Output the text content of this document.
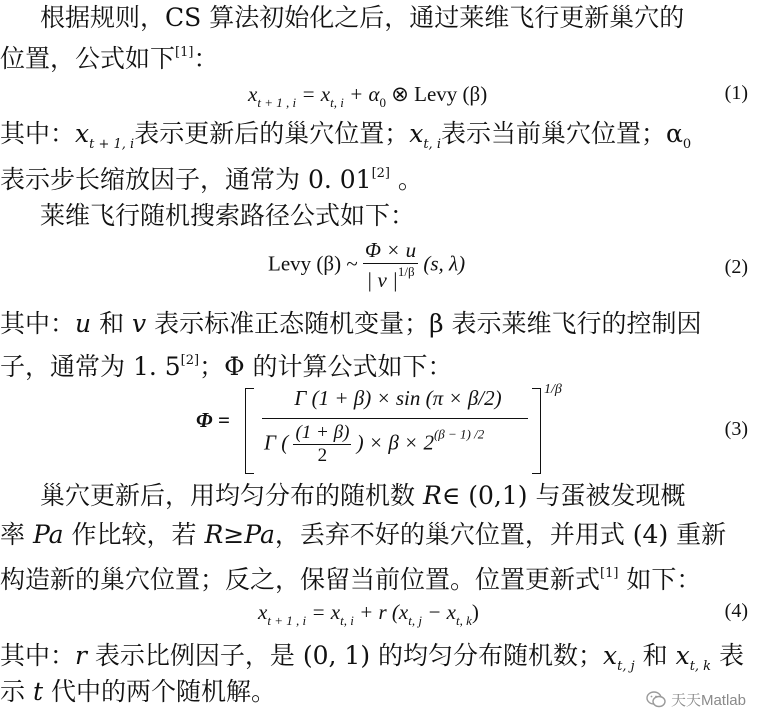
根据规则，CS 算法初始化之后，通过莱维飞行更新巢穴的
位置，公式如下[1]：
$x_{t + 1 , i} = x_{t, i} + \alpha_0$ ⊗ Levy (β)	(1)
其中：$x_{t + 1, i}$表示更新后的巢穴位置；$x_{t, i}$表示当前巢穴位置；$\alpha_0$
表示步长缩放因子，通常为 0. 01[2] 。
莱维飞行随机搜索路径公式如下：
Levy (β) ~ $\frac{\Phi \times u}{| v |^{1/\beta}} (s$, λ)	(2)
其中：u 和 v 表示标准正态随机变量；β 表示莱维飞行的控制因
子，通常为 1. 5[2]；Φ 的计算公式如下：
Φ =
Γ (1 + β) × sin (π × β/2)
Γ ( $\frac{(1 + \beta)}{2}$ ) × $\beta \times 2^{(\beta - 1) /2}$
1/β
(3)
巢穴更新后，用均匀分布的随机数 R∈ (0,1) 与蛋被发现概
率 Pa 作比较，若 R≥Pa，丢弃不好的巢穴位置，并用式 (4) 重新
构造新的巢穴位置；反之，保留当前位置。位置更新式[1] 如下：
$x_{t + 1 , i} = x_{t, i} + r$ $(x_{t, j} - x_{t, k})$	(4)
其中：r 表示比例因子，是 (0, 1) 的均匀分布随机数；$x_{t, j}$ 和 $x_{t, k}$ 表
示 t 代中的两个随机解。	天天Matlab
